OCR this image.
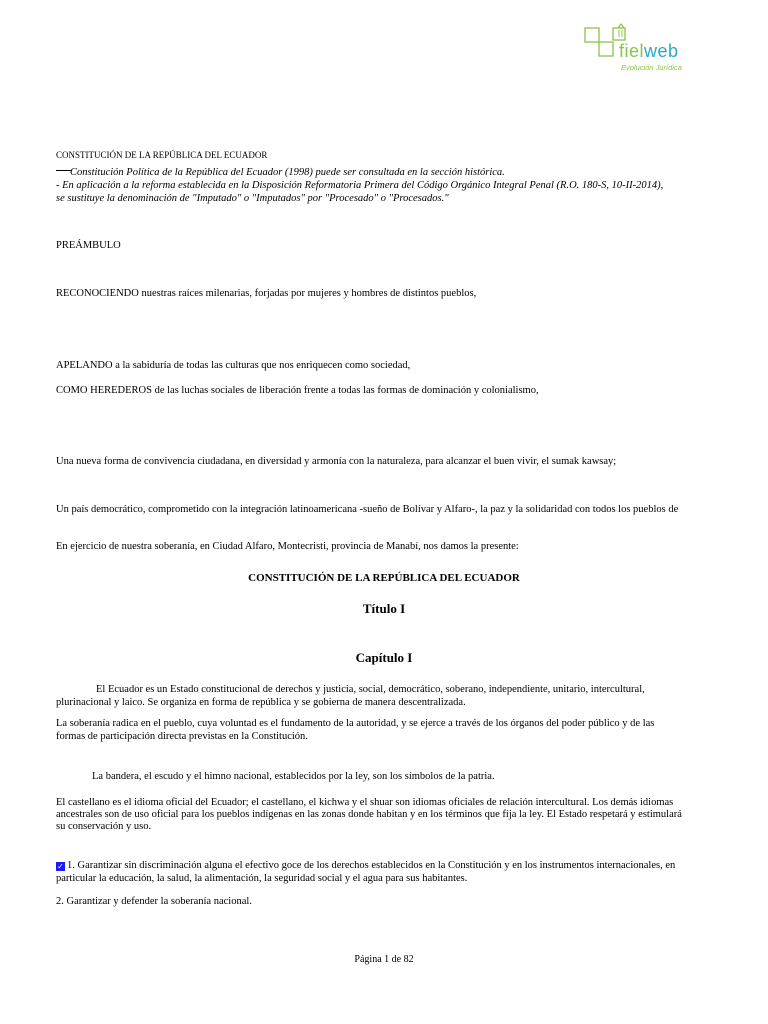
fielweb
Evolución Jurídica
CONSTITUCIÓN DE LA REPÚBLICA DEL ECUADOR
Constitución Política de la República del Ecuador (1998) puede ser consultada en la sección histórica.
- En aplicación a la reforma establecida en la Disposición Reformatoria Primera del Código Orgánico Integral Penal (R.O. 180-S, 10-II-2014),
se sustituye la denominación de "Imputado" o "Imputados" por "Procesado" o "Procesados."
PREÁMBULO
RECONOCIENDO nuestras raíces milenarias, forjadas por mujeres y hombres de distintos pueblos,
APELANDO a la sabiduría de todas las culturas que nos enriquecen como sociedad,
COMO HEREDEROS de las luchas sociales de liberación frente a todas las formas de dominación y colonialismo,
Una nueva forma de convivencia ciudadana, en diversidad y armonía con la naturaleza, para alcanzar el buen vivir, el sumak kawsay;
Un país democrático, comprometido con la integración latinoamericana -sueño de Bolívar y Alfaro-, la paz y la solidaridad con todos los pueblos de
En ejercicio de nuestra soberanía, en Ciudad Alfaro, Montecristi, provincia de Manabí, nos damos la presente:
CONSTITUCIÓN DE LA REPÚBLICA DEL ECUADOR
Título I
Capítulo I
El Ecuador es un Estado constitucional de derechos y justicia, social, democrático, soberano, independiente, unitario, intercultural,
plurinacional y laico. Se organiza en forma de república y se gobierna de manera descentralizada.
La soberanía radica en el pueblo, cuya voluntad es el fundamento de la autoridad, y se ejerce a través de los órganos del poder público y de las
formas de participación directa previstas en la Constitución.
La bandera, el escudo y el himno nacional, establecidos por la ley, son los símbolos de la patria.
El castellano es el idioma oficial del Ecuador; el castellano, el kichwa y el shuar son idiomas oficiales de relación intercultural. Los demás idiomas
ancestrales son de uso oficial para los pueblos indígenas en las zonas donde habitan y en los términos que fija la ley. El Estado respetará y estimulará
su conservación y uso.
✓ 1. Garantizar sin discriminación alguna el efectivo goce de los derechos establecidos en la Constitución y en los instrumentos internacionales, en
particular la educación, la salud, la alimentación, la seguridad social y el agua para sus habitantes.
2. Garantizar y defender la soberanía nacional.
Página 1 de 82
